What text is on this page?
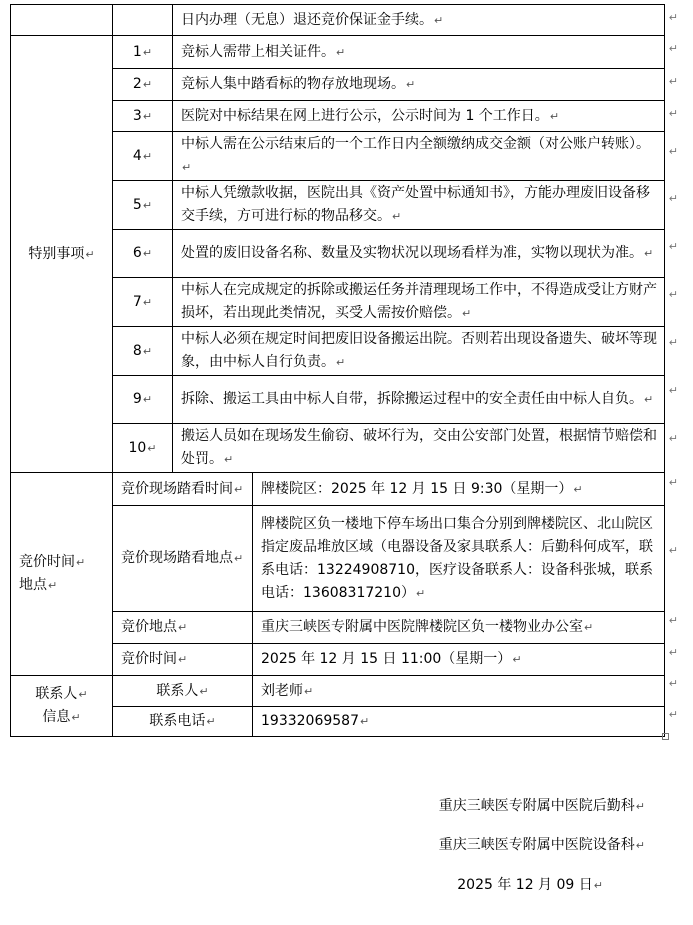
		日内办理（无息）退还竞价保证金手续。↵	
特别事项↵	1↵	竞标人需带上相关证件。↵	
	2↵	竞标人集中踏看标的物存放地现场。↵	
	3↵	医院对中标结果在网上进行公示，公示时间为 1 个工作日。↵	
	4↵	中标人需在公示结束后的一个工作日内全额缴纳成交金额（对公账户转账）。↵	
	5↵	中标人凭缴款收据，医院出具《资产处置中标通知书》，方能办理废旧设备移交手续，方可进行标的物品移交。↵	
	6↵	处置的废旧设备名称、数量及实物状况以现场看样为准，实物以现状为准。↵	
	7↵	中标人在完成规定的拆除或搬运任务并清理现场工作中，不得造成受让方财产损坏，若出现此类情况，买受人需按价赔偿。↵	
	8↵	中标人必须在规定时间把废旧设备搬运出院。否则若出现设备遗失、破坏等现象，由中标人自行负责。↵	
	9↵	拆除、搬运工具由中标人自带，拆除搬运过程中的安全责任由中标人自负。↵	
	10↵	搬运人员如在现场发生偷窃、破坏行为，交由公安部门处置，根据情节赔偿和处罚。↵	

竞价时间↵
地点↵	竞价现场踏看时间↵		牌楼院区：2025 年 12 月 15 日 9:30（星期一）↵
	竞价现场踏看地点↵		牌楼院区负一楼地下停车场出口集合分别到牌楼院区、北山院区指定废品堆放区域（电器设备及家具联系人：后勤科何成军，联系电话：13224908710，医疗设备联系人：设备科张城，联系电话：13608317210）↵
	竞价地点↵		重庆三峡医专附属中医院牌楼院区负一楼物业办公室↵
	竞价时间↵		2025 年 12 月 15 日 11:00（星期一）↵

联系人↵
信息↵	联系人↵		刘老师↵
	联系电话↵		19332069587↵
↵
↵
↵
↵
↵
↵
↵
↵
↵
↵
↵
↵
↵
↵
↵
↵
↵
重庆三峡医专附属中医院后勤科↵
重庆三峡医专附属中医院设备科↵
2025 年 12 月 09 日↵
